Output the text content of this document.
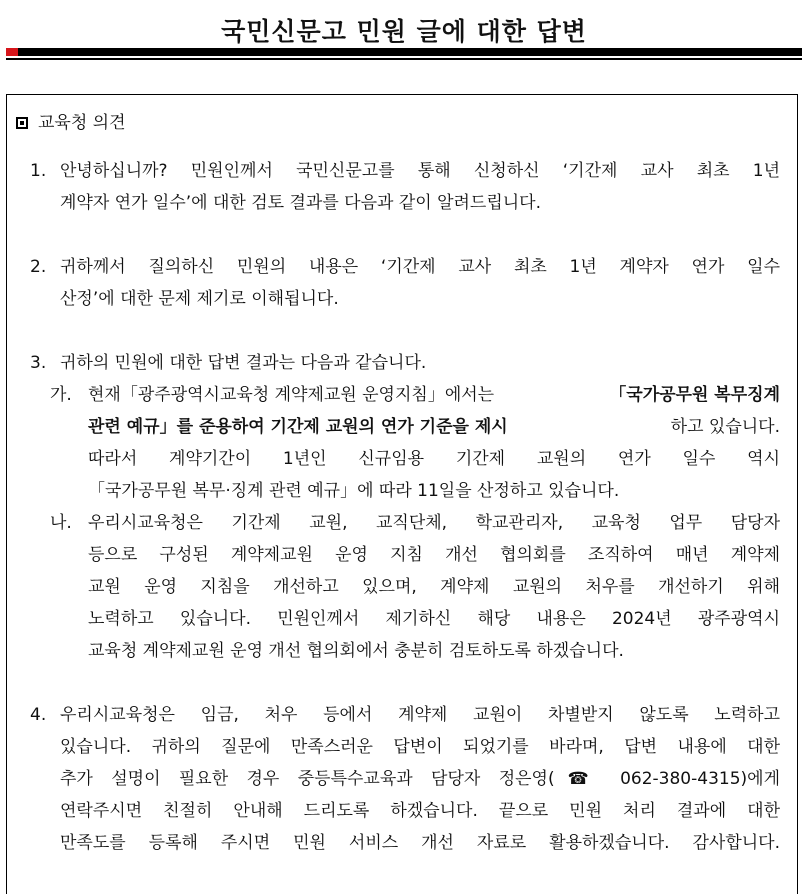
국민신문고 민원 글에 대한 답변
교육청 의견
1. 안녕하십니까? 민원인께서 국민신문고를 통해 신청하신 ‘기간제 교사 최초 1년
계약자 연가 일수’에 대한 검토 결과를 다음과 같이 알려드립니다.
2. 귀하께서 질의하신 민원의 내용은 ‘기간제 교사 최초 1년 계약자 연가 일수
산정’에 대한 문제 제기로 이해됩니다.
3. 귀하의 민원에 대한 답변 결과는 다음과 같습니다.
가. 현재「광주광역시교육청 계약제교원 운영지침」에서는	「국가공무원 복무징계
관련 예규」를 준용하여 기간제 교원의 연가 기준을 제시	하고 있습니다.
따라서 계약기간이 1년인 신규임용 기간제 교원의 연가 일수 역시
「국가공무원 복무·징계 관련 예규」에 따라 11일을 산정하고 있습니다.
나. 우리시교육청은 기간제 교원, 교직단체, 학교관리자, 교육청 업무 담당자
등으로 구성된 계약제교원 운영 지침 개선 협의회를 조직하여 매년 계약제
교원 운영 지침을 개선하고 있으며, 계약제 교원의 처우를 개선하기 위해
노력하고 있습니다. 민원인께서 제기하신 해당 내용은 2024년 광주광역시
교육청 계약제교원 운영 개선 협의회에서 충분히 검토하도록 하겠습니다.
4. 우리시교육청은 임금, 처우 등에서 계약제 교원이 차별받지 않도록 노력하고
있습니다. 귀하의 질문에 만족스러운 답변이 되었기를 바라며, 답변 내용에 대한
추가 설명이 필요한 경우 중등특수교육과 담당자 정은영(☎ 062-380-4315)에게
연락주시면 친절히 안내해 드리도록 하겠습니다. 끝으로 민원 처리 결과에 대한
만족도를 등록해 주시면 민원 서비스 개선 자료로 활용하겠습니다. 감사합니다.
